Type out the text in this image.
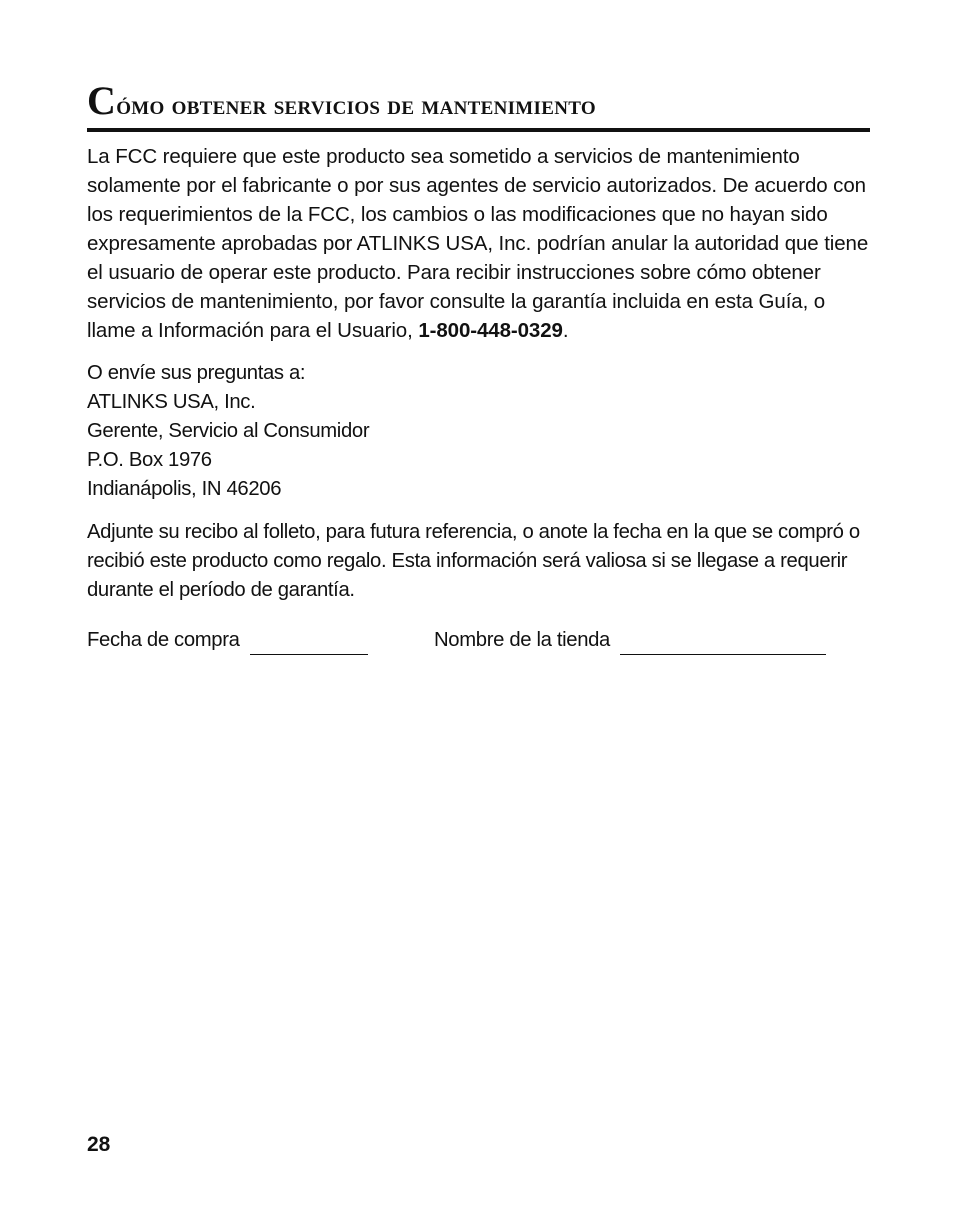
Cómo obtener servicios de mantenimiento

La FCC requiere que este producto sea sometido a servicios de mantenimiento solamente por el fabricante o por sus agentes de servicio autorizados. De acuerdo con los requerimientos de la FCC, los cambios o las modificaciones que no hayan sido expresamente aprobadas por ATLINKS USA, Inc. podrían anular la autoridad que tiene el usuario de operar este producto. Para recibir instrucciones sobre cómo obtener servicios de mantenimiento, por favor consulte la garantía incluida en esta Guía, o llame a Información para el Usuario, 1-800-448-0329.

O envíe sus preguntas a:
ATLINKS USA, Inc.
Gerente, Servicio al Consumidor
P.O. Box 1976
Indianápolis, IN 46206

Adjunte su recibo al folleto, para futura referencia, o anote la fecha en la que se compró o recibió este producto como regalo. Esta información será valiosa si se llegase a requerir durante el período de garantía.

Fecha de compra	Nombre de la tienda
28
